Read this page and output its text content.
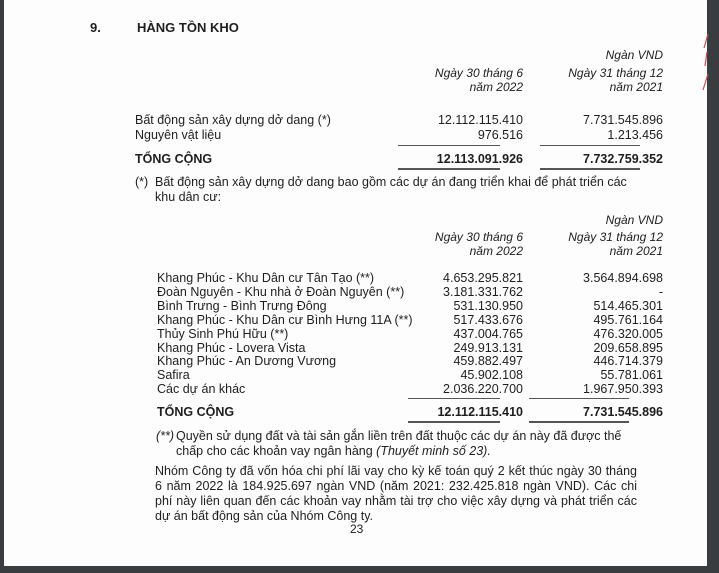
9.	HÀNG TỒN KHO
Ngàn VND
Ngày 30 tháng 6
năm 2022
Ngày 31 tháng 12
năm 2021
Bất động sản xây dựng dở dang (*)	12.112.115.410	7.731.545.896
Nguyên vật liệu	976.516	1.213.456
TỔNG CỘNG	12.113.091.926	7.732.759.352
(*) Bất động sản xây dựng dở dang bao gồm các dự án đang triển khai để phát triển các khu dân cư:
Ngàn VND
Ngày 30 tháng 6
năm 2022
Ngày 31 tháng 12
năm 2021
Khang Phúc - Khu Dân cư Tân Tạo (**)	4.653.295.821	3.564.894.698
Đoàn Nguyên - Khu nhà ở Đoàn Nguyên (**)	3.181.331.762	-
Bình Trưng - Bình Trưng Đông	531.130.950	514.465.301
Khang Phúc - Khu Dân cư Bình Hưng 11A (**)	517.433.676	495.761.164
Thủy Sinh Phú Hữu (**)	437.004.765	476.320.005
Khang Phúc - Lovera Vista	249.913.131	209.658.895
Khang Phúc - An Dương Vương	459.882.497	446.714.379
Safira	45.902.108	55.781.061
Các dự án khác	2.036.220.700	1.967.950.393
TỔNG CỘNG	12.112.115.410	7.731.545.896
(**) Quyền sử dụng đất và tài sản gắn liền trên đất thuộc các dự án này đã được thế chấp cho các khoản vay ngân hàng (Thuyết minh số 23).
Nhóm Công ty đã vốn hóa chi phí lãi vay cho kỳ kế toán quý 2 kết thúc ngày 30 tháng 6 năm 2022 là 184.925.697 ngàn VND (năm 2021: 232.425.818 ngàn VND). Các chi phí này liên quan đến các khoản vay nhằm tài trợ cho việc xây dựng và phát triển các dự án bất động sản của Nhóm Công ty.
23
